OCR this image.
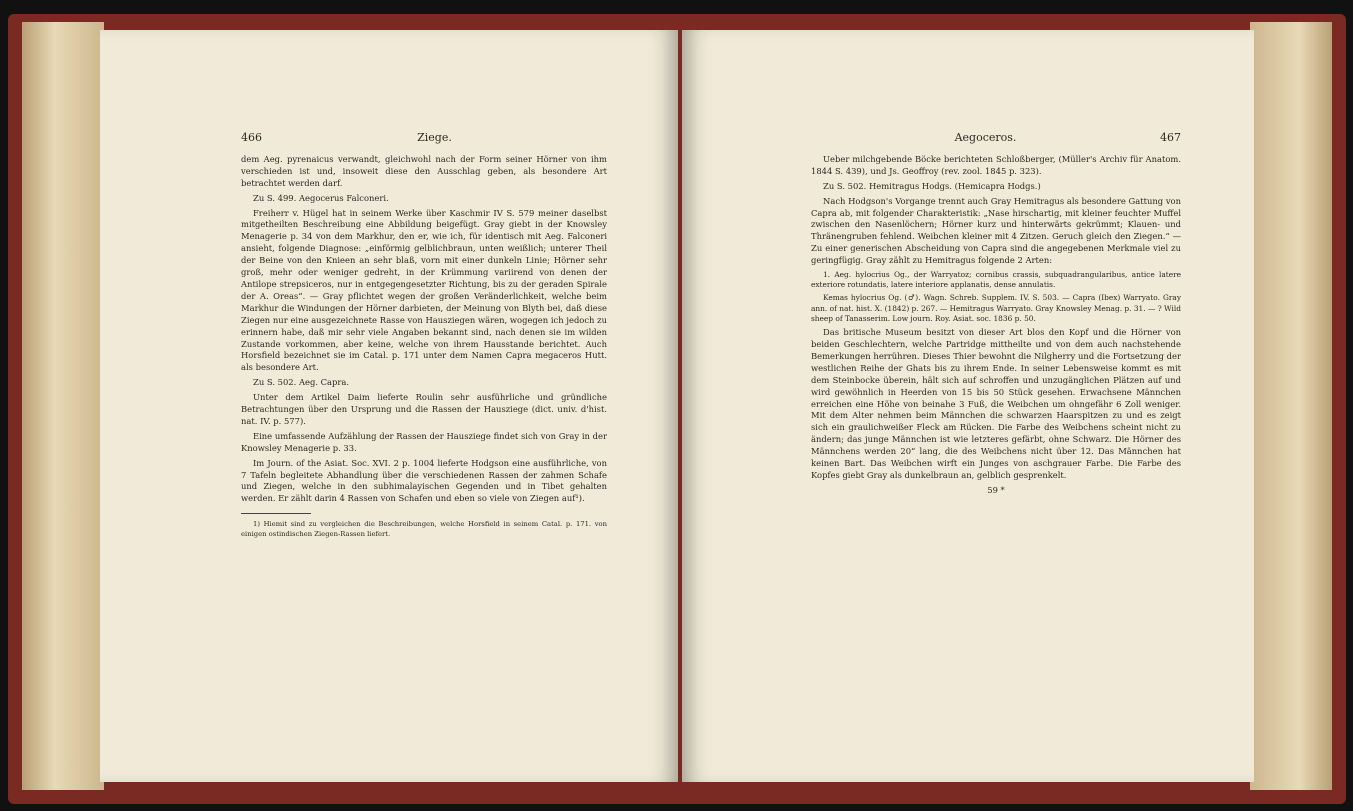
466	Ziege.

dem Aeg. pyrenaicus verwandt, gleichwohl nach der Form seiner Hörner von ihm verschieden ist und, insoweit diese den Ausschlag geben, als besondere Art betrachtet werden darf.

Zu S. 499. Aegocerus Falconeri.

Freiherr v. Hügel hat in seinem Werke über Kaschmir IV S. 579 meiner daselbst mitgetheilten Beschreibung eine Abbildung beigefügt. Gray giebt in der Knowsley Menagerie p. 34 von dem Markhur, den er, wie ich, für identisch mit Aeg. Falconeri ansieht, folgende Diagnose: „einförmig gelblichbraun, unten weißlich; unterer Theil der Beine von den Knieen an sehr blaß, vorn mit einer dunkeln Linie; Hörner sehr groß, mehr oder weniger gedreht, in der Krümmung variirend von denen der Antilope strepsiceros, nur in entgegengesetzter Richtung, bis zu der geraden Spirale der A. Oreas“. — Gray pflichtet wegen der großen Veränderlichkeit, welche beim Markhur die Windungen der Hörner darbieten, der Meinung von Blyth bei, daß diese Ziegen nur eine ausgezeichnete Rasse von Hausziegen wären, wogegen ich jedoch zu erinnern habe, daß mir sehr viele Angaben bekannt sind, nach denen sie im wilden Zustande vorkommen, aber keine, welche von ihrem Hausstande berichtet. Auch Horsfield bezeichnet sie im Catal. p. 171 unter dem Namen Capra megaceros Hutt. als besondere Art.

Zu S. 502. Aeg. Capra.

Unter dem Artikel Daim lieferte Roulin sehr ausführliche und gründliche Betrachtungen über den Ursprung und die Rassen der Hausziege (dict. univ. d'hist. nat. IV. p. 577).

Eine umfassende Aufzählung der Rassen der Hausziege findet sich von Gray in der Knowsley Menagerie p. 33.

Im Journ. of the Asiat. Soc. XVI. 2 p. 1004 lieferte Hodgson eine ausführliche, von 7 Tafeln begleitete Abhandlung über die verschiedenen Rassen der zahmen Schafe und Ziegen, welche in den subhimalayischen Gegenden und in Tibet gehalten werden. Er zählt darin 4 Rassen von Schafen und eben so viele von Ziegen auf¹).

1) Hiemit sind zu vergleichen die Beschreibungen, welche Horsfield in seinem Catal. p. 171. von einigen ostindischen Ziegen-Rassen liefert.

Aegoceros.	467

Ueber milchgebende Böcke berichteten Schloßberger, (Müller's Archiv für Anatom. 1844 S. 439), und Js. Geoffroy (rev. zool. 1845 p. 323).

Zu S. 502. Hemitragus Hodgs. (Hemicapra Hodgs.)

Nach Hodgson's Vorgange trennt auch Gray Hemitragus als besondere Gattung von Capra ab, mit folgender Charakteristik: „Nase hirschartig, mit kleiner feuchter Muffel zwischen den Nasenlöchern; Hörner kurz und hinterwärts gekrümmt; Klauen- und Thränengruben fehlend. Weibchen kleiner mit 4 Zitzen. Geruch gleich den Ziegen.“ — Zu einer generischen Abscheidung von Capra sind die angegebenen Merkmale viel zu geringfügig. Gray zählt zu Hemitragus folgende 2 Arten:

1. Aeg. hylocrius Og., der Warryatoz; cornibus crassis, subquadrangularibus, antice latere exteriore rotundatis, latere interiore applanatis, dense annulatis.

Kemas hylocrius Og. (♂). Wagn. Schreb. Supplem. IV. S. 503. — Capra (Ibex) Warryato. Gray ann. of nat. hist. X. (1842) p. 267. — Hemitragus Warryato. Gray Knowsley Menag. p. 31. — ? Wild sheep of Tanasserim. Low journ. Roy. Asiat. soc. 1836 p. 50.

Das britische Museum besitzt von dieser Art blos den Kopf und die Hörner von beiden Geschlechtern, welche Partridge mittheilte und von dem auch nachstehende Bemerkungen herrühren. Dieses Thier bewohnt die Nilgherry und die Fortsetzung der westlichen Reihe der Ghats bis zu ihrem Ende. In seiner Lebensweise kommt es mit dem Steinbocke überein, hält sich auf schroffen und unzugänglichen Plätzen auf und wird gewöhnlich in Heerden von 15 bis 50 Stück gesehen. Erwachsene Männchen erreichen eine Höhe von beinahe 3 Fuß, die Weibchen um ohngefähr 6 Zoll weniger. Mit dem Alter nehmen beim Männchen die schwarzen Haarspitzen zu und es zeigt sich ein graulichweißer Fleck am Rücken. Die Farbe des Weibchens scheint nicht zu ändern; das junge Männchen ist wie letzteres gefärbt, ohne Schwarz. Die Hörner des Männchens werden 20“ lang, die des Weibchens nicht über 12. Das Männchen hat keinen Bart. Das Weibchen wirft ein Junges von aschgrauer Farbe. Die Farbe des Kopfes giebt Gray als dunkelbraun an, gelblich gesprenkelt.

59 *
